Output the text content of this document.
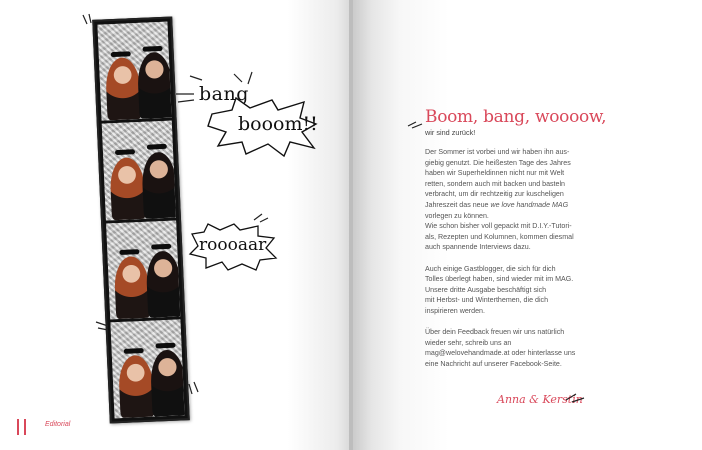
bang
booom!!
roooaar
Editorial
Boom, bang, woooow,
wir sind zurück!

Der Sommer ist vorbei und wir haben ihn aus-
giebig genutzt. Die heißesten Tage des Jahres
haben wir Superheldinnen nicht nur mit Welt
retten, sondern auch mit backen und basteln
verbracht, um dir rechtzeitig zur kuscheligen
Jahreszeit das neue we love handmade MAG
vorlegen zu können.
Wie schon bisher voll gepackt mit D.I.Y.-Tutori-
als, Rezepten und Kolumnen, kommen diesmal
auch spannende Interviews dazu.

Auch einige Gastblogger, die sich für dich
Tolles überlegt haben, sind wieder mit im MAG.
Unsere dritte Ausgabe beschäftigt sich
mit Herbst- und Winterthemen, die dich
inspirieren werden.

Über dein Feedback freuen wir uns natürlich
wieder sehr, schreib uns an
mag@welovehandmade.at oder hinterlasse uns
eine Nachricht auf unserer Facebook-Seite.

Anna & Kerstin
